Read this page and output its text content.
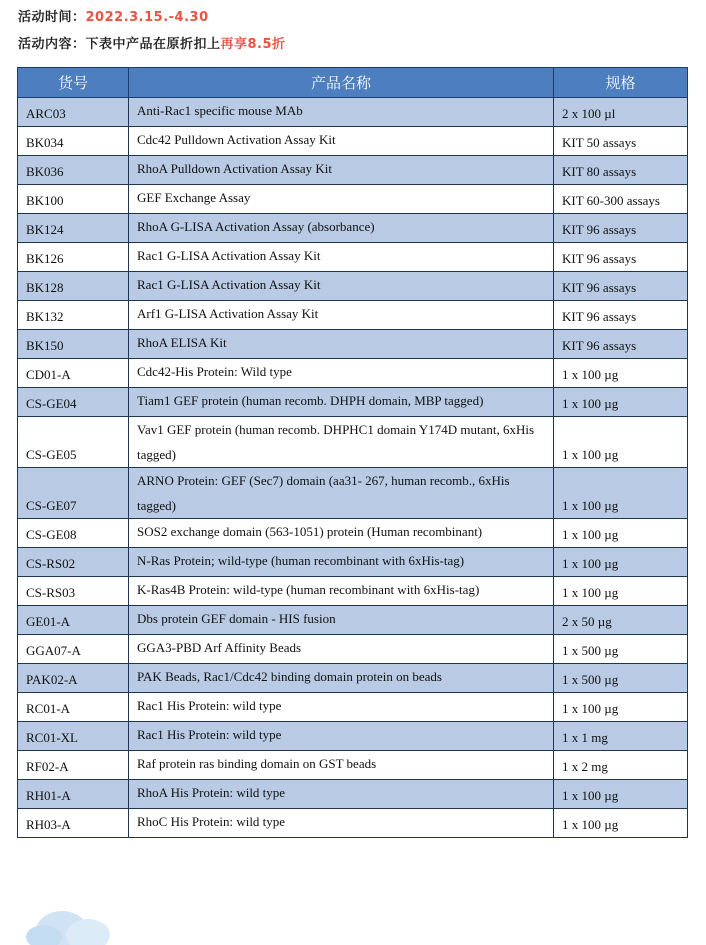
活动时间：2022.3.15.-4.30
活动内容：下表中产品在原折扣上再享8.5折
货号	产品名称	规格
ARC03	Anti-Rac1 specific mouse MAb	2 x 100 µl
BK034	Cdc42 Pulldown Activation Assay Kit	KIT 50 assays
BK036	RhoA Pulldown Activation Assay Kit	KIT 80 assays
BK100	GEF Exchange Assay	KIT 60-300 assays
BK124	RhoA G-LISA Activation Assay (absorbance)	KIT 96 assays
BK126	Rac1 G-LISA Activation Assay Kit	KIT 96 assays
BK128	Rac1 G-LISA Activation Assay Kit	KIT 96 assays
BK132	Arf1 G-LISA Activation Assay Kit	KIT 96 assays
BK150	RhoA ELISA Kit	KIT 96 assays
CD01-A	Cdc42-His Protein: Wild type	1 x 100 µg
CS-GE04	Tiam1 GEF protein (human recomb. DHPH domain, MBP tagged)	1 x 100 µg
CS-GE05	Vav1 GEF protein (human recomb. DHPHC1 domain Y174D mutant, 6xHis tagged)	1 x 100 µg
CS-GE07	ARNO Protein: GEF (Sec7) domain (aa31- 267, human recomb., 6xHis tagged)	1 x 100 µg
CS-GE08	SOS2 exchange domain (563-1051) protein (Human recombinant)	1 x 100 µg
CS-RS02	N-Ras Protein; wild-type (human recombinant with 6xHis-tag)	1 x 100 µg
CS-RS03	K-Ras4B Protein: wild-type (human recombinant with 6xHis-tag)	1 x 100 µg
GE01-A	Dbs protein GEF domain - HIS fusion	2 x 50 µg
GGA07-A	GGA3-PBD Arf Affinity Beads	1 x 500 µg
PAK02-A	PAK Beads, Rac1/Cdc42 binding domain protein on beads	1 x 500 µg
RC01-A	Rac1 His Protein: wild type	1 x 100 µg
RC01-XL	Rac1 His Protein: wild type	1 x 1 mg
RF02-A	Raf protein ras binding domain on GST beads	1 x 2 mg
RH01-A	RhoA His Protein: wild type	1 x 100 µg
RH03-A	RhoC His Protein: wild type	1 x 100 µg
